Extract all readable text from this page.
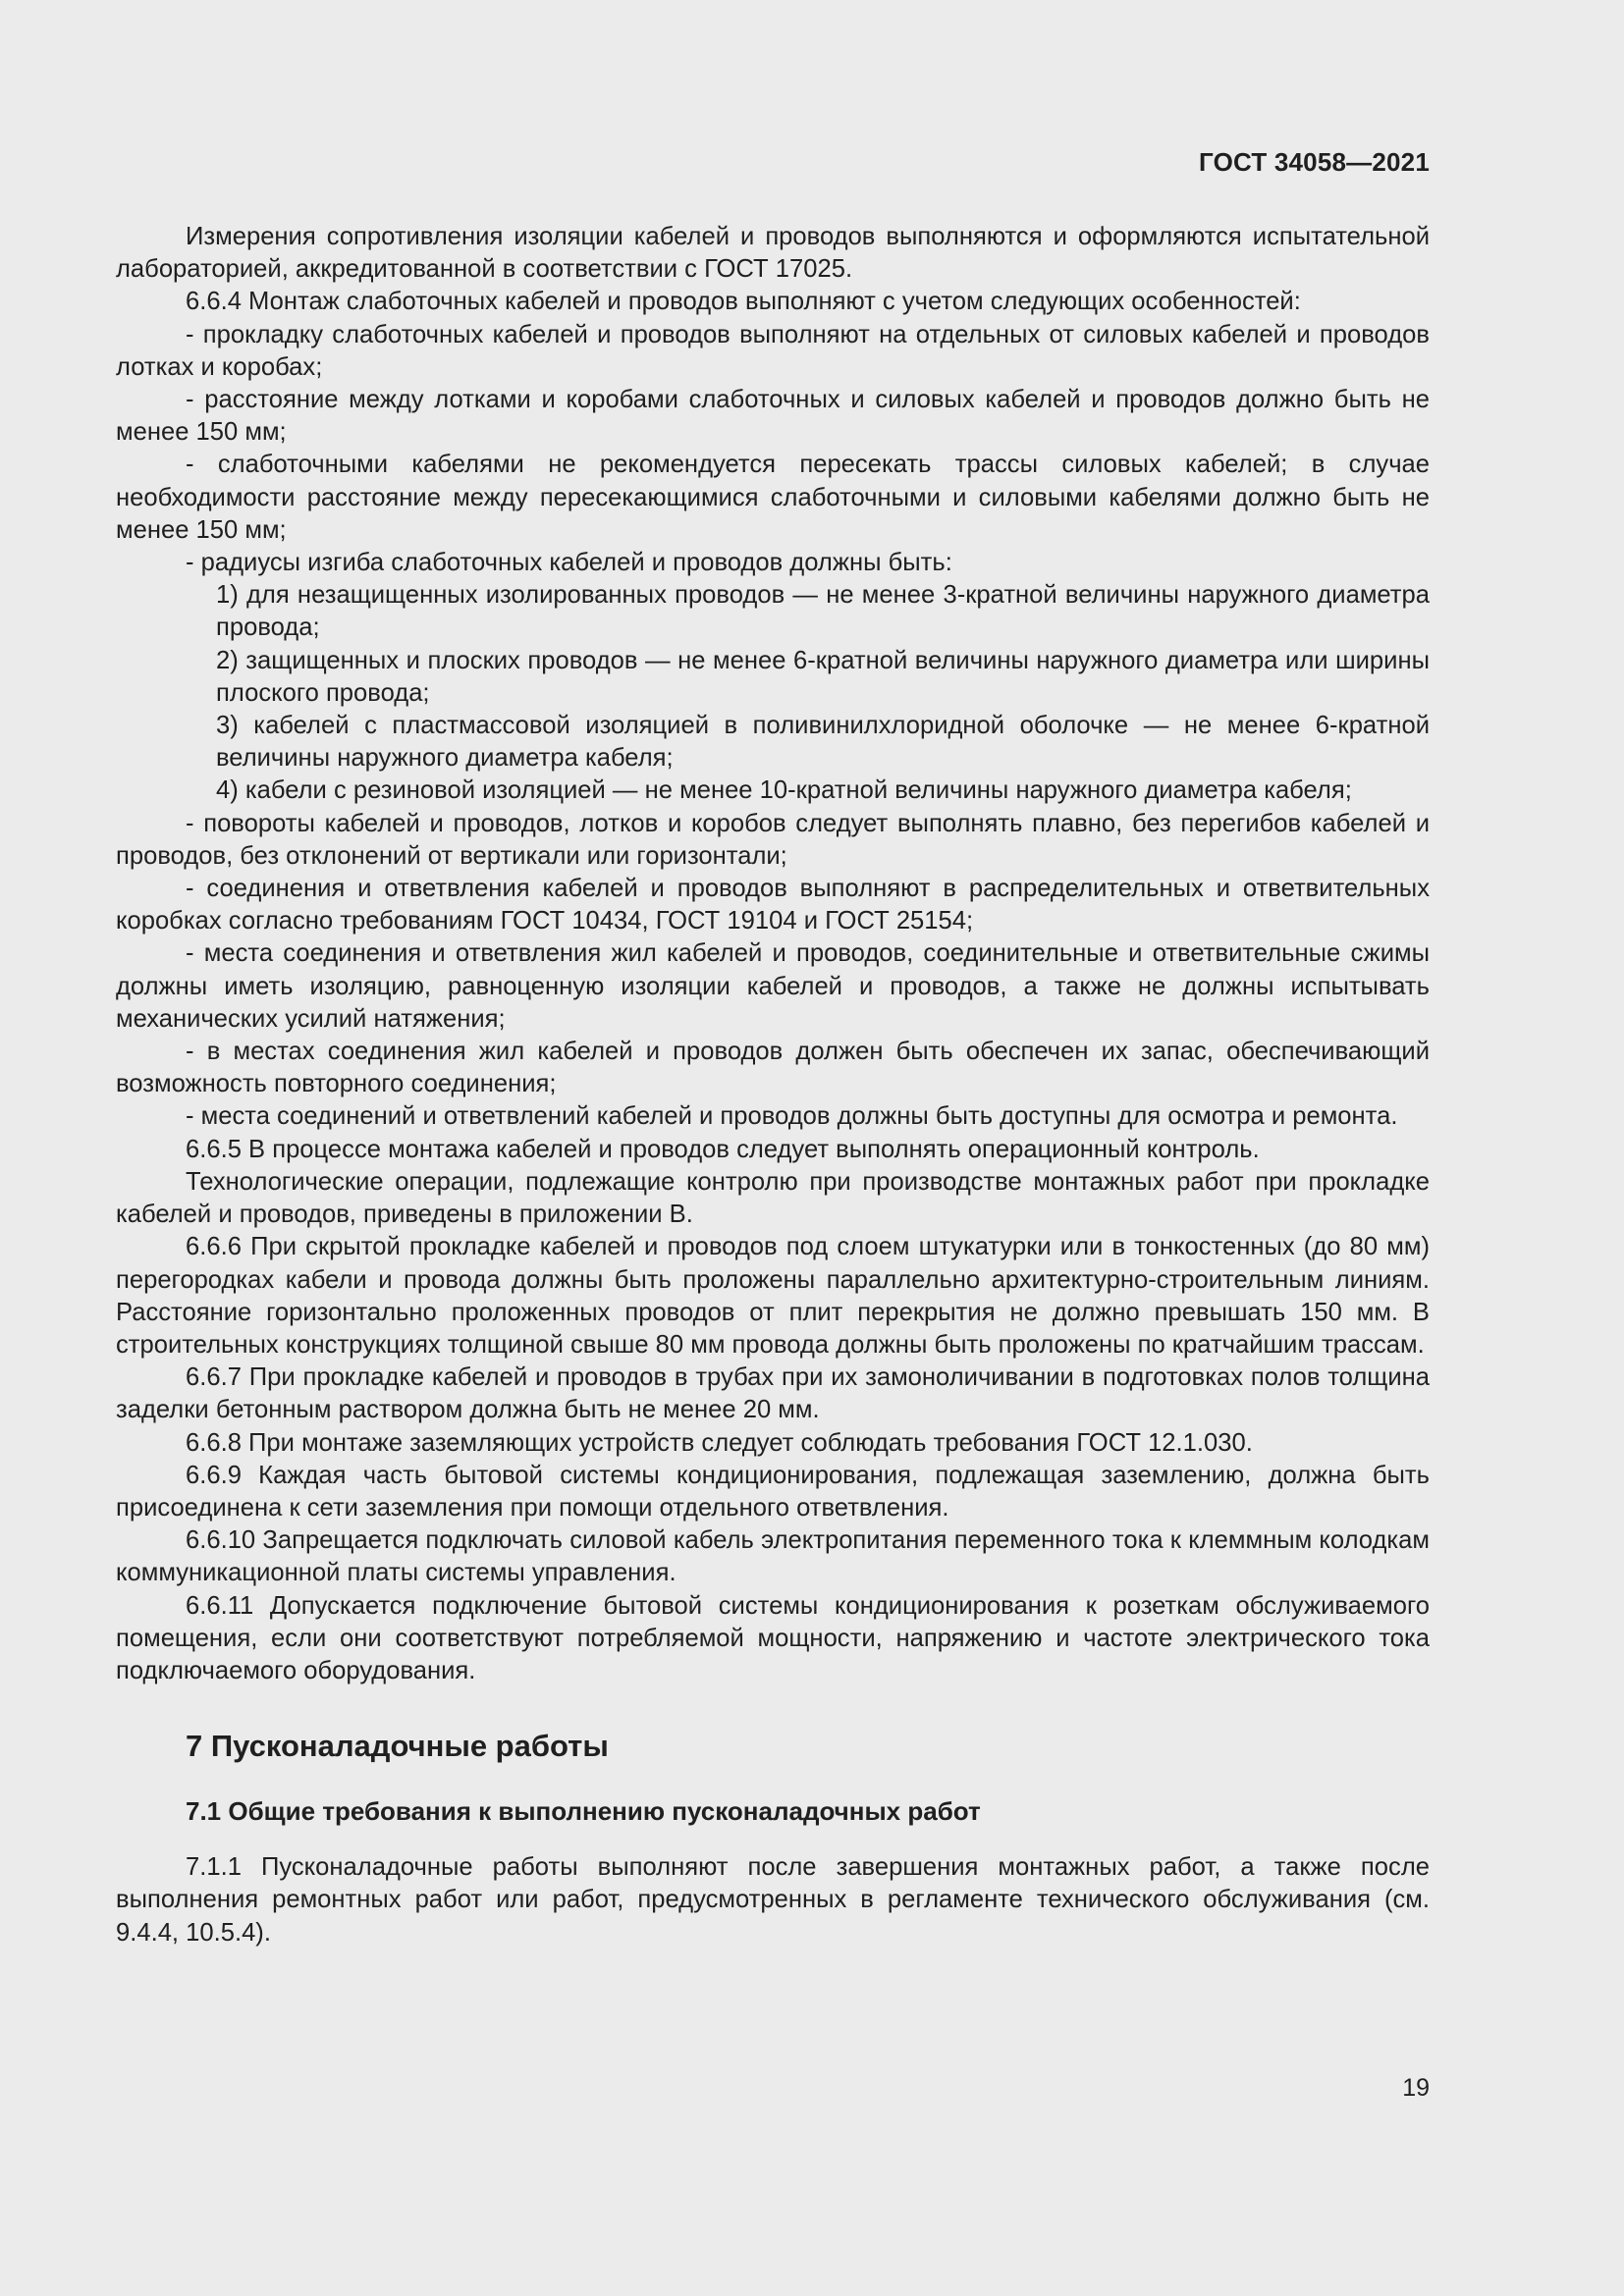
ГОСТ 34058—2021

Измерения сопротивления изоляции кабелей и проводов выполняются и оформляются испытательной лабораторией, аккредитованной в соответствии с ГОСТ 17025.

6.6.4 Монтаж слаботочных кабелей и проводов выполняют с учетом следующих особенностей:

- прокладку слаботочных кабелей и проводов выполняют на отдельных от силовых кабелей и проводов лотках и коробах;

- расстояние между лотками и коробами слаботочных и силовых кабелей и проводов должно быть не менее 150 мм;

- слаботочными кабелями не рекомендуется пересекать трассы силовых кабелей; в случае необходимости расстояние между пересекающимися слаботочными и силовыми кабелями должно быть не менее 150 мм;

- радиусы изгиба слаботочных кабелей и проводов должны быть:

1) для незащищенных изолированных проводов — не менее 3-кратной величины наружного диаметра провода;

2) защищенных и плоских проводов — не менее 6-кратной величины наружного диаметра или ширины плоского провода;

3) кабелей с пластмассовой изоляцией в поливинилхлоридной оболочке — не менее 6-кратной величины наружного диаметра кабеля;

4) кабели с резиновой изоляцией — не менее 10-кратной величины наружного диаметра кабеля;

- повороты кабелей и проводов, лотков и коробов следует выполнять плавно, без перегибов кабелей и проводов, без отклонений от вертикали или горизонтали;

- соединения и ответвления кабелей и проводов выполняют в распределительных и ответвительных коробках согласно требованиям ГОСТ 10434, ГОСТ 19104 и ГОСТ 25154;

- места соединения и ответвления жил кабелей и проводов, соединительные и ответвительные сжимы должны иметь изоляцию, равноценную изоляции кабелей и проводов, а также не должны испытывать механических усилий натяжения;

- в местах соединения жил кабелей и проводов должен быть обеспечен их запас, обеспечивающий возможность повторного соединения;

- места соединений и ответвлений кабелей и проводов должны быть доступны для осмотра и ремонта.

6.6.5 В процессе монтажа кабелей и проводов следует выполнять операционный контроль.

Технологические операции, подлежащие контролю при производстве монтажных работ при прокладке кабелей и проводов, приведены в приложении В.

6.6.6 При скрытой прокладке кабелей и проводов под слоем штукатурки или в тонкостенных (до 80 мм) перегородках кабели и провода должны быть проложены параллельно архитектурно-строительным линиям. Расстояние горизонтально проложенных проводов от плит перекрытия не должно превышать 150 мм. В строительных конструкциях толщиной свыше 80 мм провода должны быть проложены по кратчайшим трассам.

6.6.7 При прокладке кабелей и проводов в трубах при их замоноличивании в подготовках полов толщина заделки бетонным раствором должна быть не менее 20 мм.

6.6.8 При монтаже заземляющих устройств следует соблюдать требования ГОСТ 12.1.030.

6.6.9 Каждая часть бытовой системы кондиционирования, подлежащая заземлению, должна быть присоединена к сети заземления при помощи отдельного ответвления.

6.6.10 Запрещается подключать силовой кабель электропитания переменного тока к клеммным колодкам коммуникационной платы системы управления.

6.6.11 Допускается подключение бытовой системы кондиционирования к розеткам обслуживаемого помещения, если они соответствуют потребляемой мощности, напряжению и частоте электрического тока подключаемого оборудования.

7 Пусконаладочные работы
7.1 Общие требования к выполнению пусконаладочных работ

7.1.1 Пусконаладочные работы выполняют после завершения монтажных работ, а также после выполнения ремонтных работ или работ, предусмотренных в регламенте технического обслуживания (см. 9.4.4, 10.5.4).

19
